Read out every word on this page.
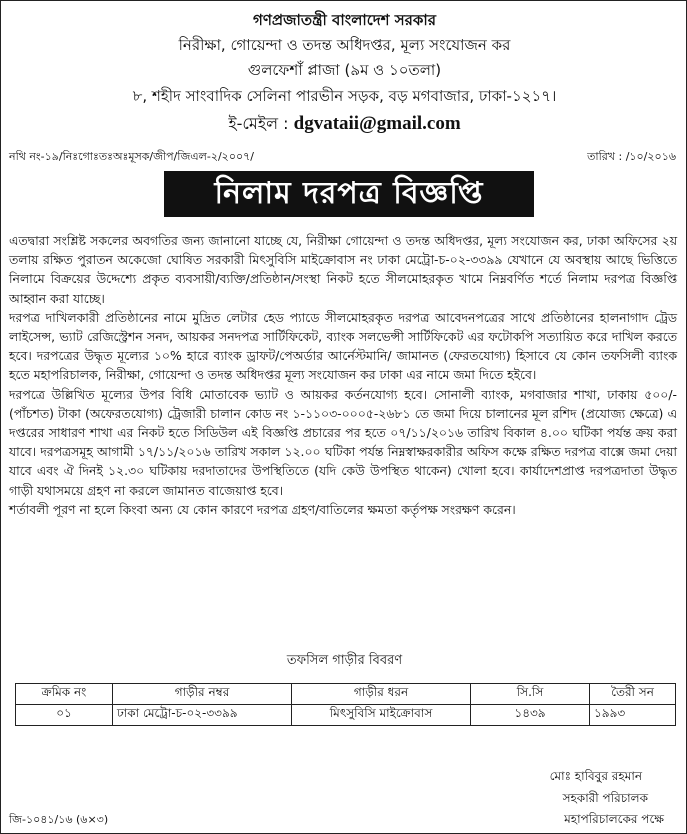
গণপ্রজাতন্ত্রী বাংলাদেশ সরকার
নিরীক্ষা, গোয়েন্দা ও তদন্ত অধিদপ্তর, মূল্য সংযোজন কর
গুলফেশাঁ প্লাজা (৯ম ও ১০তলা)
৮, শহীদ সাংবাদিক সেলিনা পারভীন সড়ক, বড় মগবাজার, ঢাকা-১২১৭।
ই-মেইল : dgvataii@gmail.com
নথি নং-১৯/নিঃগোঃতঃঅঃমূসক/জীপ/জিএল-২/২০০৭/	তারিখ : /১০/২০১৬
নিলাম দরপত্র বিজ্ঞপ্তি

এতদ্বারা সংশ্লিষ্ট সকলের অবগতির জন্য জানানো যাচ্ছে যে, নিরীক্ষা গোয়েন্দা ও তদন্ত অধিদপ্তর, মূল্য সংযোজন কর, ঢাকা অফিসের ২য় তলায় রক্ষিত পুরাতন অকেজো ঘোষিত সরকারী মিৎসুবিসি মাইক্রোবাস নং ঢাকা মেট্রো-চ-০২-৩৩৯৯ যেখানে যে অবস্থায় আছে ভিত্তিতে নিলামে বিক্রয়ের উদ্দেশ্যে প্রকৃত ব্যবসায়ী/ব্যক্তি/প্রতিষ্ঠান/সংস্থা নিকট হতে সীলমোহরকৃত খামে নিম্নবর্ণিত শর্তে নিলাম দরপত্র বিজ্ঞপ্তি আহ্বান করা যাচ্ছে।

দরপত্র দাখিলকারী প্রতিষ্ঠানের নামে মুদ্রিত লেটার হেড প্যাডে সীলমোহরকৃত দরপত্র আবেদনপত্রের সাথে প্রতিষ্ঠানের হালনাগাদ ট্রেড লাইসেন্স, ভ্যাট রেজিস্ট্রেশন সনদ, আয়কর সনদপত্র সার্টিফিকেট, ব্যাংক সলভেন্সী সার্টিফিকেট এর ফটোকপি সত্যায়িত করে দাখিল করতে হবে। দরপত্রের উদ্ধৃত মূল্যের ১০% হারে ব্যাংক ড্রাফট/পেঅর্ডার আর্নেস্টমানি/ জামানত (ফেরতযোগ্য) হিসাবে যে কোন তফসিলী ব্যাংক হতে মহাপরিচালক, নিরীক্ষা, গোয়েন্দা ও তদন্ত অধিদপ্তর মূল্য সংযোজন কর ঢাকা এর নামে জমা দিতে হইবে।

দরপত্রে উল্লিখিত মূল্যের উপর বিধি মোতাবেক ভ্যাট ও আয়কর কর্তনযোগ্য হবে। সোনালী ব্যাংক, মগবাজার শাখা, ঢাকায় ৫০০/- (পাঁচশত) টাকা (অফেরতযোগ্য) ট্রেজারী চালান কোড নং ১-১১০৩-০০০৫-২৬৮১ তে জমা দিয়ে চালানের মূল রশিদ (প্রযোজ্য ক্ষেত্রে) এ দপ্তরের সাধারণ শাখা এর নিকট হতে সিডিউল এই বিজ্ঞপ্তি প্রচারের পর হতে ০৭/১১/২০১৬ তারিখ বিকাল ৪.০০ ঘটিকা পর্যন্ত ক্রয় করা যাবে। দরপত্রসমূহ আগামী ১৭/১১/২০১৬ তারিখ সকাল ১২.০০ ঘটিকা পর্যন্ত নিম্নস্বাক্ষরকারীর অফিস কক্ষে রক্ষিত দরপত্র বাক্সে জমা দেয়া যাবে এবং ঐ দিনই ১২.৩০ ঘটিকায় দরদাতাদের উপস্থিতিতে (যদি কেউ উপস্থিত থাকেন) খোলা হবে। কার্যাদেশপ্রাপ্ত দরপত্রদাতা উদ্ধৃত গাড়ী যথাসময়ে গ্রহণ না করলে জামানত বাজেয়াপ্ত হবে।

শর্তাবলী পূরণ না হলে কিংবা অন্য যে কোন কারণে দরপত্র গ্রহণ/বাতিলের ক্ষমতা কর্তৃপক্ষ সংরক্ষণ করেন।

তফসিল গাড়ীর বিবরণ
ক্রমিক নং	গাড়ীর নম্বর	গাড়ীর ধরন	সি.সি	তৈরী সন
০১	ঢাকা মেট্রো-চ-০২-৩৩৯৯	মিৎসুবিসি মাইক্রোবাস	১৪৩৯	১৯৯৩
মোঃ হাবিবুর রহমান
সহকারী পরিচালক
মহাপরিচালকের পক্ষে
জি-১০৪১/১৬ (৬×৩)
